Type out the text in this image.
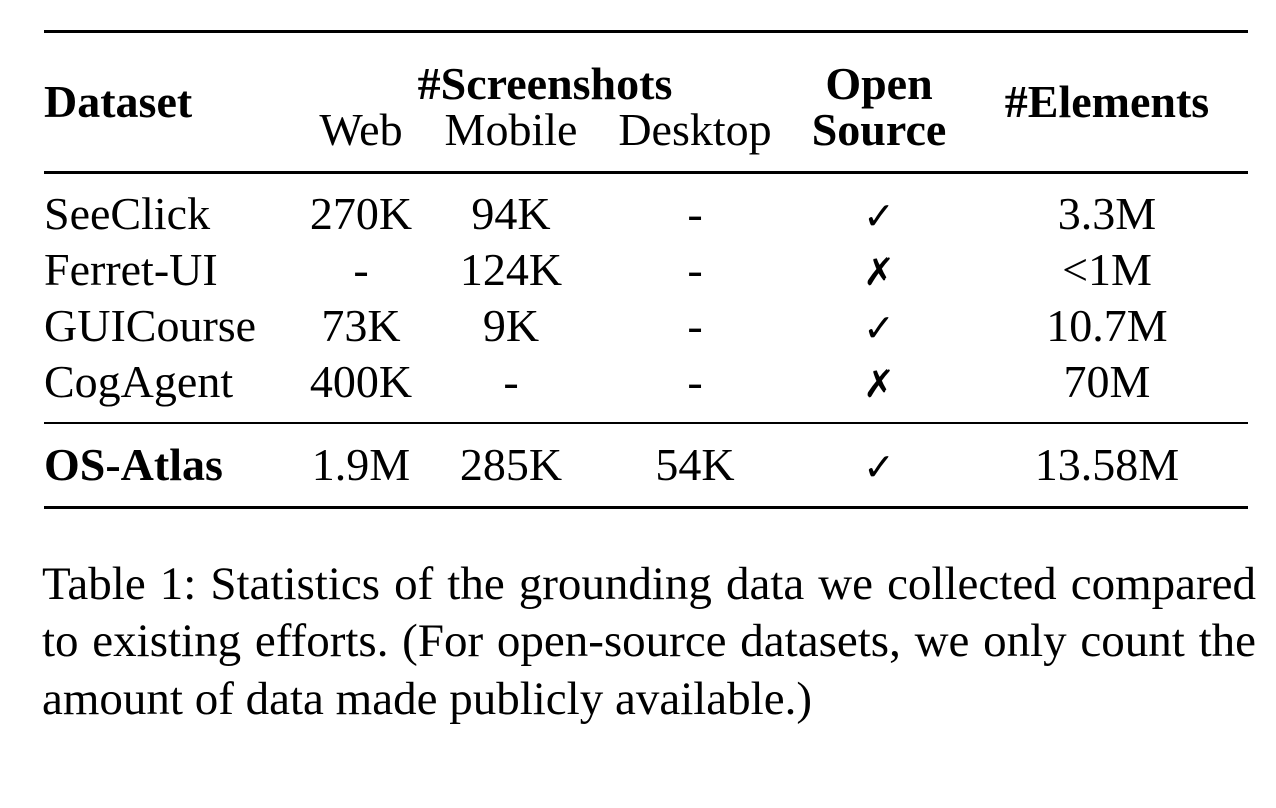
Dataset	#Screenshots			Open	#Elements
	Web	Mobile	Desktop	Source	
SeeClick	270K	94K	-	✓	3.3M
Ferret-UI	-	124K	-	✗	<1M
GUICourse	73K	9K	-	✓	10.7M
CogAgent	400K	-	-	✗	70M
OS-Atlas	1.9M	285K	54K	✓	13.58M

Table 1: Statistics of the grounding data we collected compared to existing efforts. (For open-source datasets, we only count the amount of data made publicly available.)
